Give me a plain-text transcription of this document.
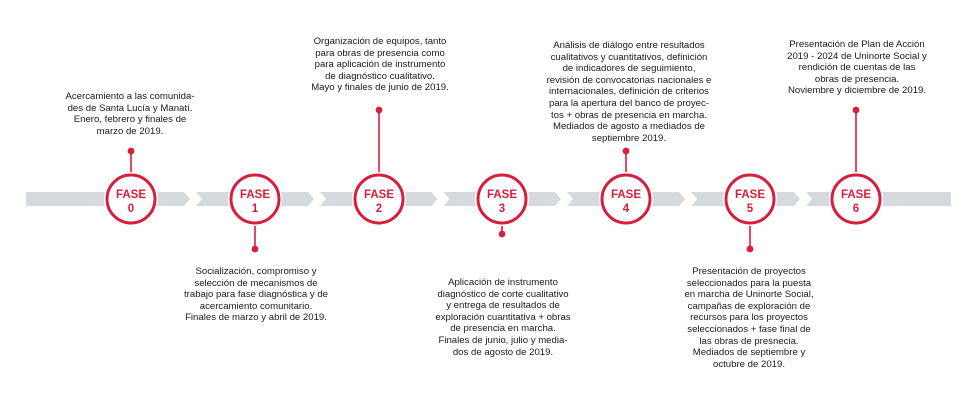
FASE
0
FASE
1
FASE
2
FASE
3
FASE
4
FASE
5
FASE
6
Acercamiento a las comunida-
des de Santa Lucía y Manatí.
Enero, febrero y finales de
marzo de 2019.
Socialización, compromiso y
selección de mecanismos de
trabajo para fase diagnóstica y de
acercamiento comunitario.
Finales de marzo y abril de 2019.
Organización de equipos, tanto
para obras de presencia como
para aplicación de instrumento
de diagnóstico cualitativo.
Mayo y finales de junio de 2019.
Aplicación de instrumento
diagnóstico de corte cualitativo
y entrega de resultados de
exploración cuantitativa + obras
de presencia en marcha.
Finales de junio, julio y media-
dos de agosto de 2019.
Análisis de diálogo entre resultados
cualitativos y cuantitativos, definición
de indicadores de seguimiento,
revisión de convocatorias nacionales e
internacionales, definición de criterios
para la apertura del banco de proyec-
tos + obras de presencia en marcha.
Mediados de agosto a mediados de
septiembre 2019.
Presentación de proyectos
seleccionados para la puesta
en marcha de Uninorte Social,
campañas de exploración de
recursos para los proyectos
seleccionados + fase final de
las obras de presnecia.
Mediados de septiembre y
octubre de 2019.
Presentación de Plan de Acción
2019 - 2024 de Uninorte Social y
rendición de cuentas de las
obras de presencia.
Noviembre y diciembre de 2019.
